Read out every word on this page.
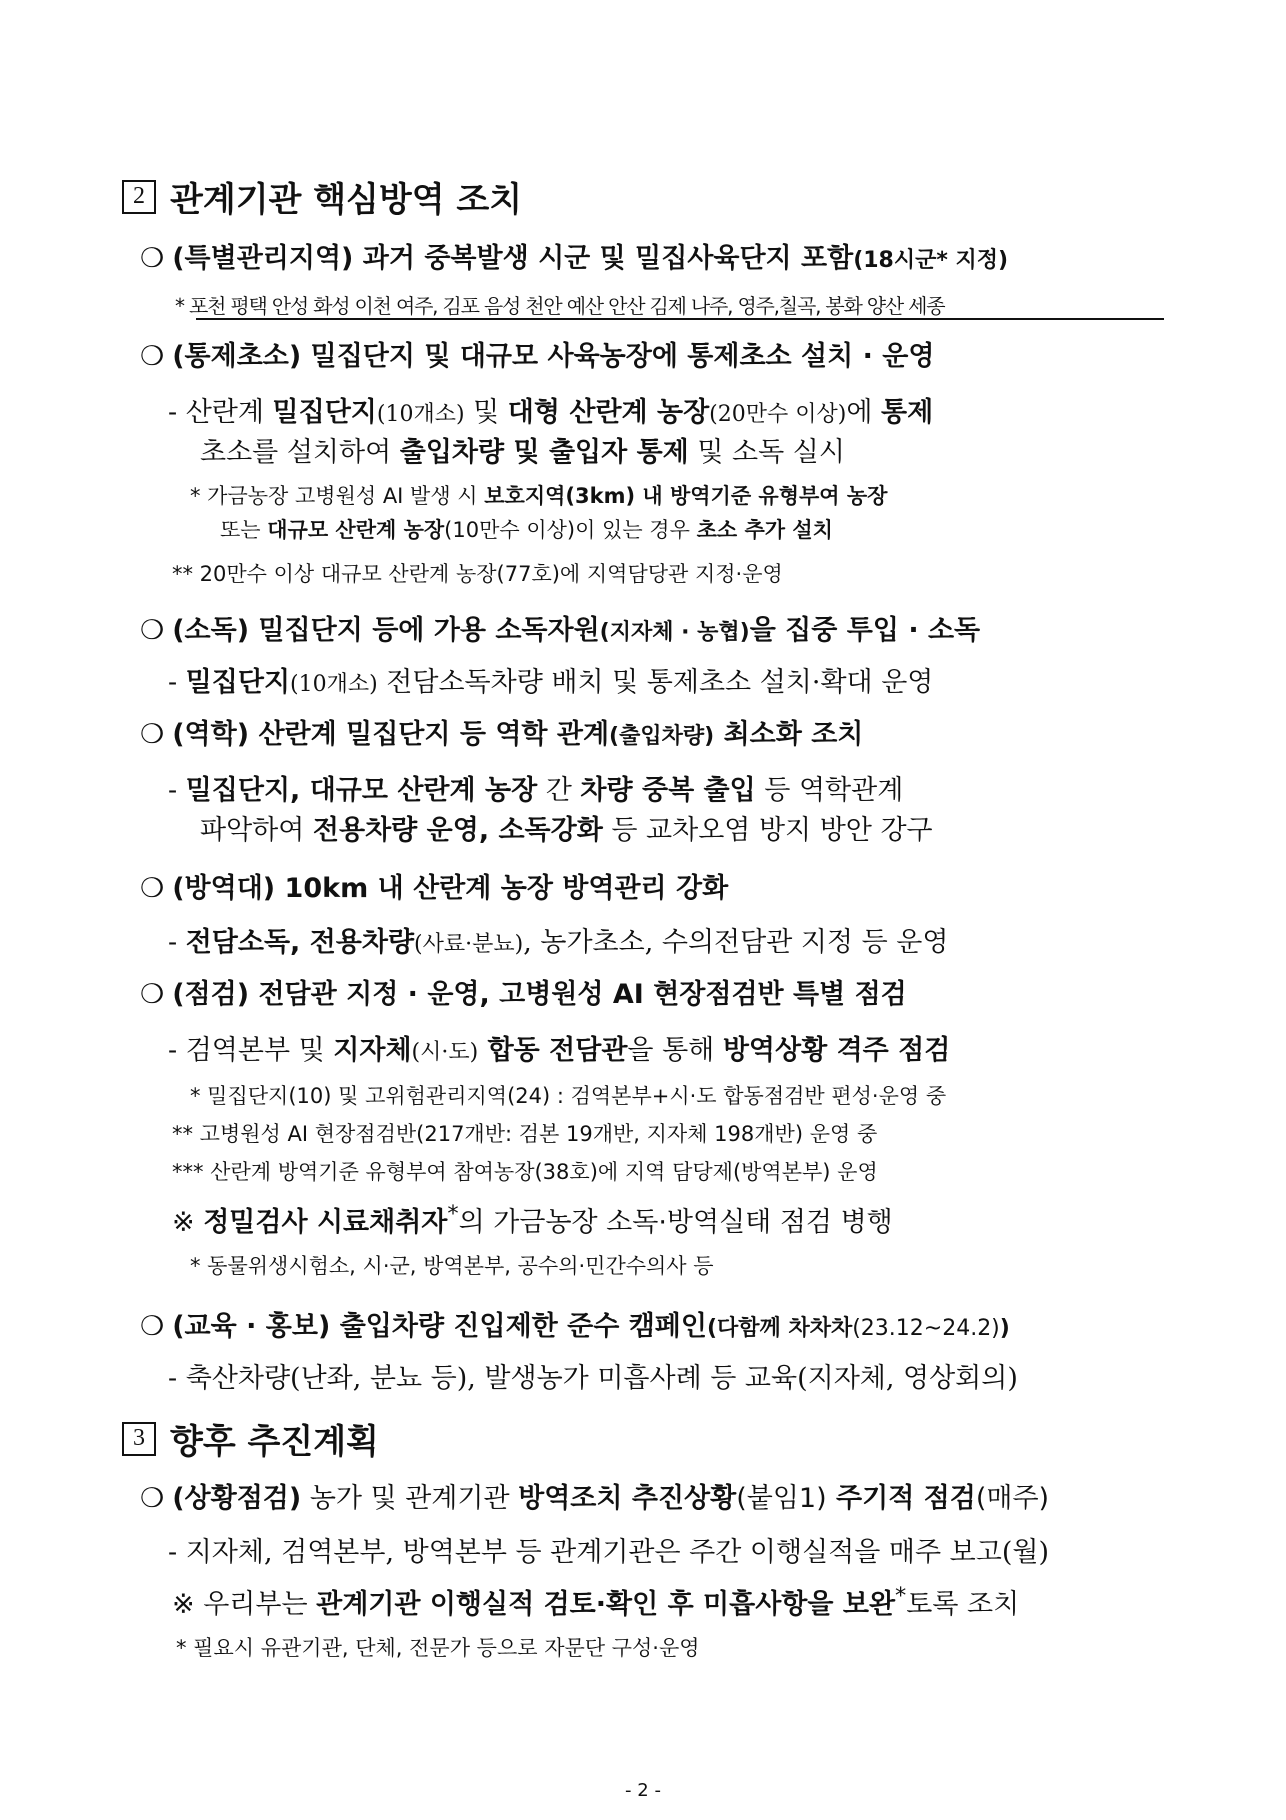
2 관계기관 핵심방역 조치
❍ (특별관리지역) 과거 중복발생 시군 및 밀집사육단지 포함(18시군* 지정)
* 포천 평택 안성 화성 이천 여주, 김포 음성 천안 예산 안산 김제 나주, 영주,칠곡, 봉화 양산 세종
❍ (통제초소) 밀집단지 및 대규모 사육농장에 통제초소 설치 · 운영
- 산란계 밀집단지(10개소) 및 대형 산란계 농장(20만수 이상)에 통제
초소를 설치하여 출입차량 및 출입자 통제 및 소독 실시
* 가금농장 고병원성 AI 발생 시 보호지역(3km) 내 방역기준 유형부여 농장
또는 대규모 산란계 농장(10만수 이상)이 있는 경우 초소 추가 설치
** 20만수 이상 대규모 산란계 농장(77호)에 지역담당관 지정·운영
❍ (소독) 밀집단지 등에 가용 소독자원(지자체 · 농협)을 집중 투입 · 소독
- 밀집단지(10개소) 전담소독차량 배치 및 통제초소 설치·확대 운영
❍ (역학) 산란계 밀집단지 등 역학 관계(출입차량) 최소화 조치
- 밀집단지, 대규모 산란계 농장 간 차량 중복 출입 등 역학관계
파악하여 전용차량 운영, 소독강화 등 교차오염 방지 방안 강구
❍ (방역대) 10km 내 산란계 농장 방역관리 강화
- 전담소독, 전용차량(사료·분뇨), 농가초소, 수의전담관 지정 등 운영
❍ (점검) 전담관 지정 · 운영, 고병원성 AI 현장점검반 특별 점검
- 검역본부 및 지자체(시·도) 합동 전담관을 통해 방역상황 격주 점검
* 밀집단지(10) 및 고위험관리지역(24) : 검역본부+시·도 합동점검반 편성·운영 중
** 고병원성 AI 현장점검반(217개반: 검본 19개반, 지자체 198개반) 운영 중
*** 산란계 방역기준 유형부여 참여농장(38호)에 지역 담당제(방역본부) 운영
※ 정밀검사 시료채취자*의 가금농장 소독·방역실태 점검 병행
* 동물위생시험소, 시·군, 방역본부, 공수의·민간수의사 등
❍ (교육 · 홍보) 출입차량 진입제한 준수 캠페인(다함께 차차차(23.12~24.2))
- 축산차량(난좌, 분뇨 등), 발생농가 미흡사례 등 교육(지자체, 영상회의)
3 향후 추진계획
❍ (상황점검) 농가 및 관계기관 방역조치 추진상황(붙임1) 주기적 점검(매주)
- 지자체, 검역본부, 방역본부 등 관계기관은 주간 이행실적을 매주 보고(월)
※ 우리부는 관계기관 이행실적 검토·확인 후 미흡사항을 보완*토록 조치
* 필요시 유관기관, 단체, 전문가 등으로 자문단 구성·운영
- 2 -
